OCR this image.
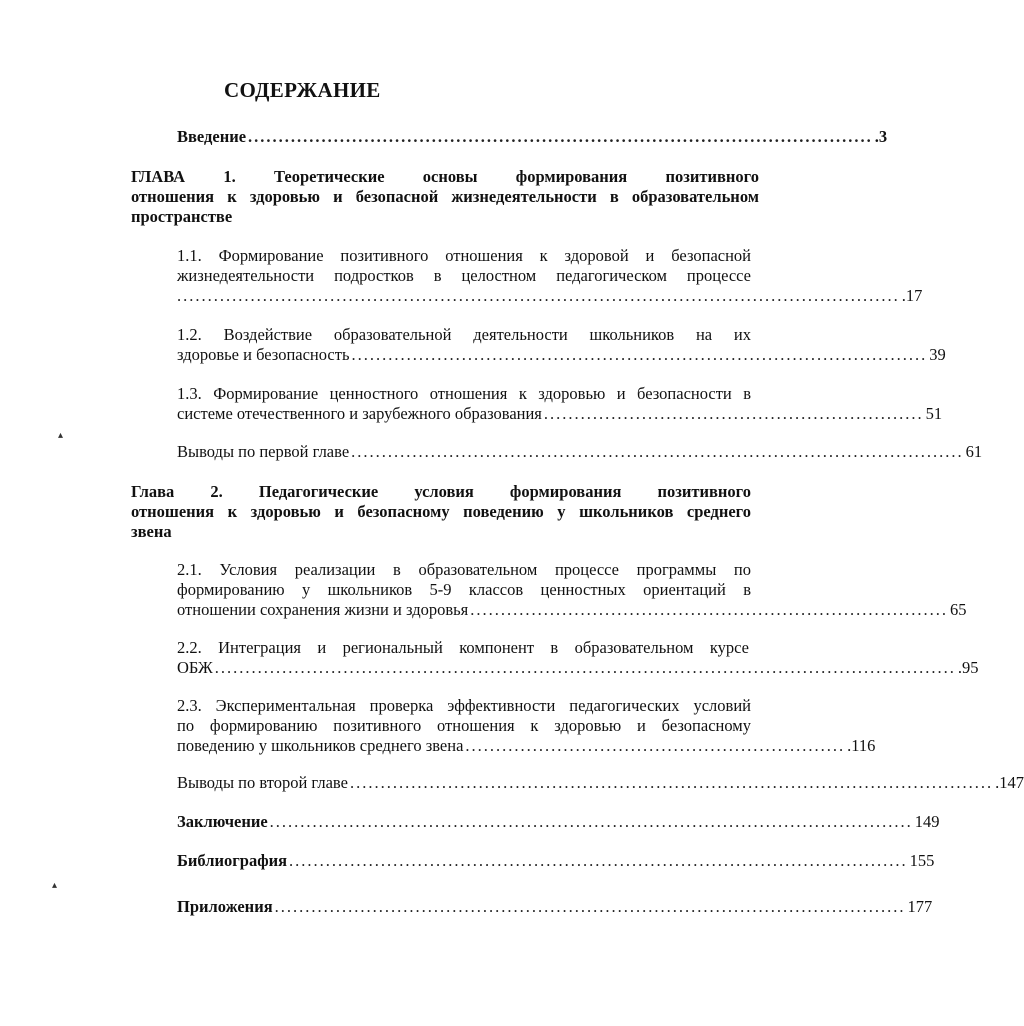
СОДЕРЖАНИЕ
Введение ...................................................................................................... .3
ГЛАВА 1. Теоретические основы формирования позитивного
отношения к здоровью и безопасной жизнедеятельности в образовательном
пространстве
1.1. Формирование позитивного отношения к здоровой и безопасной
жизнедеятельности подростков в целостном педагогическом процессе
...................................................................................................................... .17
1.2. Воздействие образовательной деятельности школьников на их
здоровье и безопасность .............................................................................................. 39
1.3. Формирование ценностного отношения к здоровью и безопасности в
системе отечественного и зарубежного образования .............................................................. 51
Выводы по первой главе .................................................................................................... 61
Глава 2. Педагогические условия формирования позитивного
отношения к здоровью и безопасному поведению у школьников среднего
звена
2.1. Условия реализации в образовательном процессе программы по
формированию у школьников 5-9 классов ценностных ориентаций в
отношении сохранения жизни и здоровья .............................................................................. 65
2.2. Интеграция и региональный компонент в образовательном курсе
ОБЖ ......................................................................................................................... .95
2.3. Экспериментальная проверка эффективности педагогических условий
по формированию позитивного отношения к здоровью и безопасному
поведению у школьников среднего звена .............................................................. .116
Выводы по второй главе ......................................................................................................... .147
Заключение ......................................................................................................... 149
Библиография ..................................................................................................... 155
Приложения ....................................................................................................... 177
▴
▴
